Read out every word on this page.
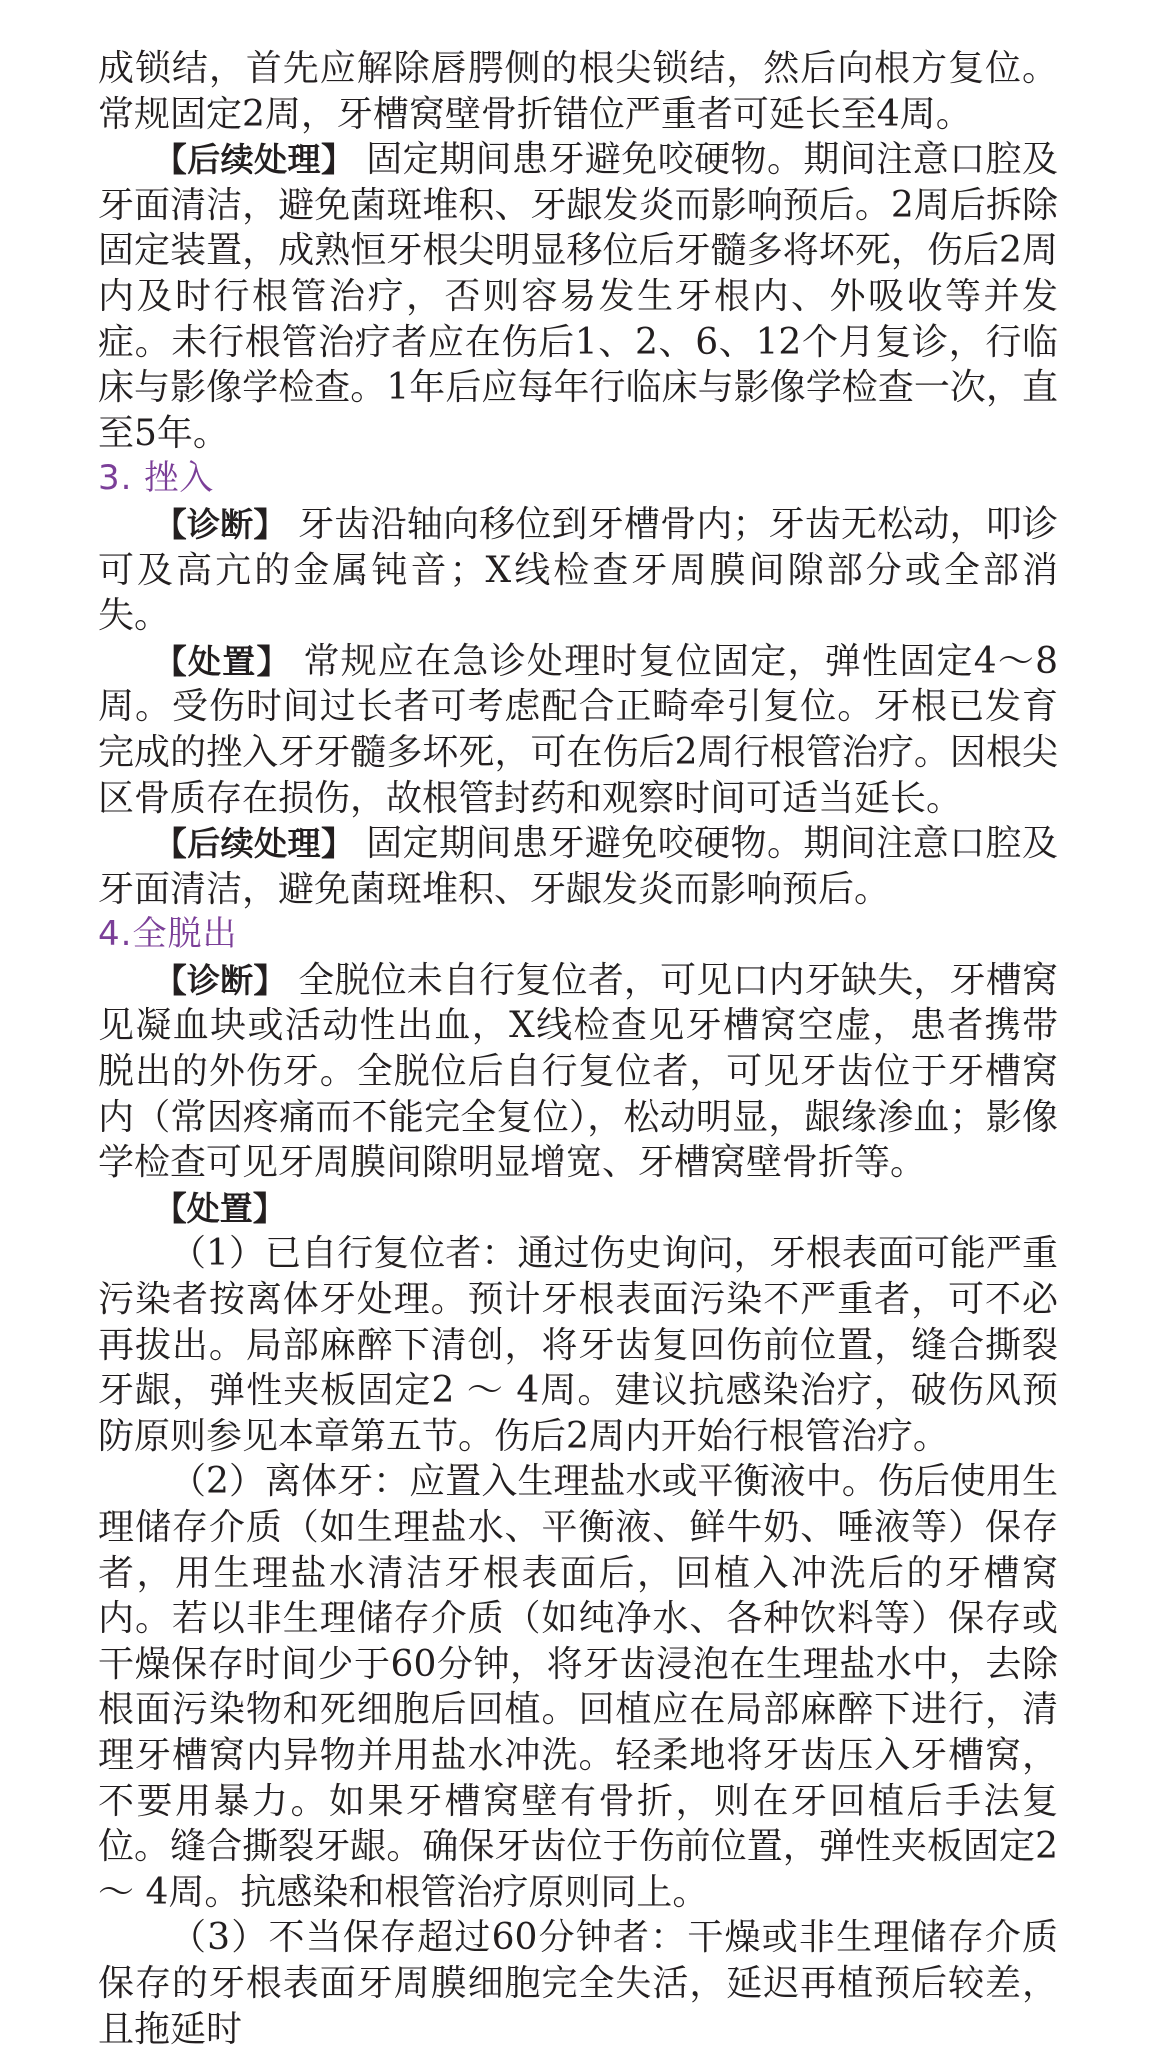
成锁结，首先应解除唇腭侧的根尖锁结，然后向根方复位。常规固定2周，牙槽窝壁骨折错位严重者可延长至4周。

【后续处理】 固定期间患牙避免咬硬物。期间注意口腔及牙面清洁，避免菌斑堆积、牙龈发炎而影响预后。2周后拆除固定装置，成熟恒牙根尖明显移位后牙髓多将坏死，伤后2周内及时行根管治疗，否则容易发生牙根内、外吸收等并发症。未行根管治疗者应在伤后1、2、6、12个月复诊，行临床与影像学检查。1年后应每年行临床与影像学检查一次，直至5年。

3. 挫入

【诊断】 牙齿沿轴向移位到牙槽骨内；牙齿无松动，叩诊可及高亢的金属钝音；X线检查牙周膜间隙部分或全部消失。

【处置】 常规应在急诊处理时复位固定，弹性固定4～8周。受伤时间过长者可考虑配合正畸牵引复位。牙根已发育完成的挫入牙牙髓多坏死，可在伤后2周行根管治疗。因根尖区骨质存在损伤，故根管封药和观察时间可适当延长。

【后续处理】 固定期间患牙避免咬硬物。期间注意口腔及牙面清洁，避免菌斑堆积、牙龈发炎而影响预后。

4.全脱出

【诊断】 全脱位未自行复位者，可见口内牙缺失，牙槽窝见凝血块或活动性出血，X线检查见牙槽窝空虚，患者携带脱出的外伤牙。全脱位后自行复位者，可见牙齿位于牙槽窝内（常因疼痛而不能完全复位），松动明显，龈缘渗血；影像学检查可见牙周膜间隙明显增宽、牙槽窝壁骨折等。

【处置】

（1）已自行复位者：通过伤史询问，牙根表面可能严重污染者按离体牙处理。预计牙根表面污染不严重者，可不必再拔出。局部麻醉下清创，将牙齿复回伤前位置，缝合撕裂牙龈，弹性夹板固定2 ～ 4周。建议抗感染治疗，破伤风预防原则参见本章第五节。伤后2周内开始行根管治疗。

（2）离体牙：应置入生理盐水或平衡液中。伤后使用生理储存介质（如生理盐水、平衡液、鲜牛奶、唾液等）保存者，用生理盐水清洁牙根表面后，回植入冲洗后的牙槽窝内。若以非生理储存介质（如纯净水、各种饮料等）保存或干燥保存时间少于60分钟，将牙齿浸泡在生理盐水中，去除根面污染物和死细胞后回植。回植应在局部麻醉下进行，清理牙槽窝内异物并用盐水冲洗。轻柔地将牙齿压入牙槽窝，不要用暴力。如果牙槽窝壁有骨折，则在牙回植后手法复位。缝合撕裂牙龈。确保牙齿位于伤前位置，弹性夹板固定2 ～ 4周。抗感染和根管治疗原则同上。

（3）不当保存超过60分钟者：干燥或非生理储存介质保存的牙根表面牙周膜细胞完全失活，延迟再植预后较差，且拖延时
